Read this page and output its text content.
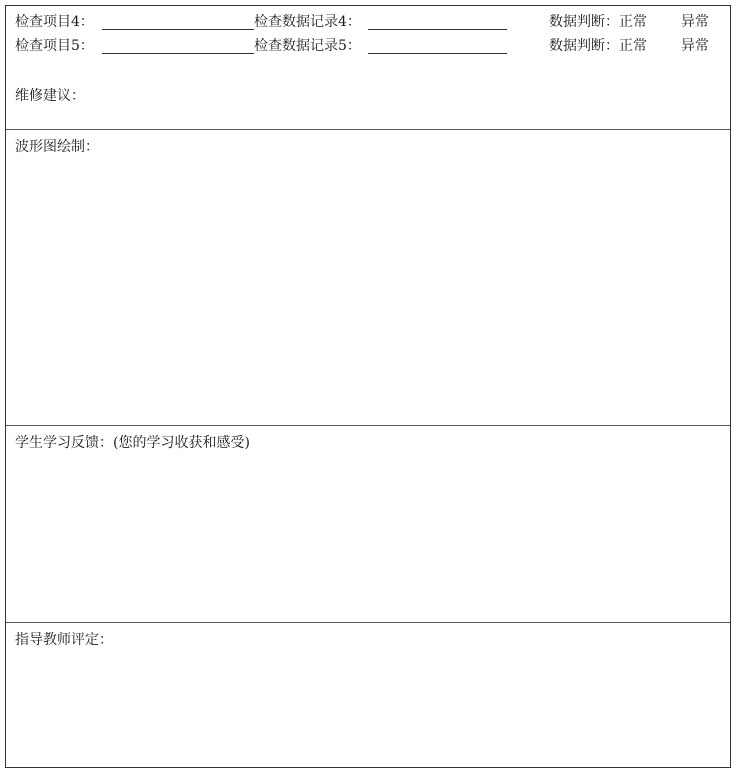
检查项目4：	检查数据记录4：	数据判断：正常 异常
检查项目5：	检查数据记录5：	数据判断：正常 异常
维修建议：
波形图绘制：
学生学习反馈：(您的学习收获和感受)
指导教师评定：
